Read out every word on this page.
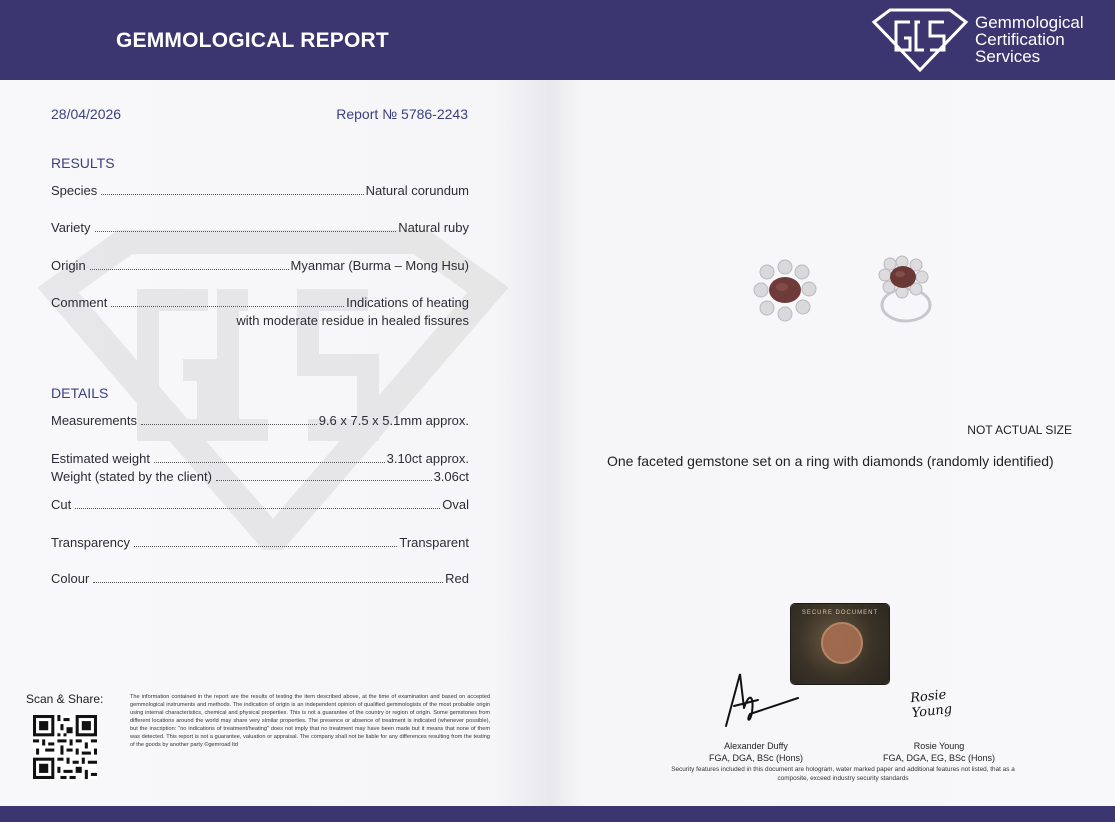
GEMMOLOGICAL REPORT
28/04/2026	Report № 5786-2243
RESULTS
Species	Natural corundum
Variety	Natural ruby
Origin	Myanmar (Burma – Mong Hsu)
Comment	Indications of heating
with moderate residue in healed fissures
DETAILS
Measurements	9.6 x 7.5 x 5.1mm approx.
Estimated weight	3.10ct approx.
Weight (stated by the client)	3.06ct
Cut	Oval
Transparency	Transparent
Colour	Red
Scan & Share:	The information contained in the report are the results of testing the item described above, at the time of examination and based on accepted gemmological instruments and methods. The indication of origin is an independent opinion of qualified gemmologists of the most probable origin using internal characteristics, chemical and physical properties. This is not a guarantee of the country or region of origin. Some gemstones from different locations around the world may share very similar properties. The presence or absence of treatment is indicated (whenever possible), but the inscription: "no indications of treatment/heating" does not imply that no treatment may have been made but it means that none of them was detected. This report is not a guarantee, valuation or appraisal. The company shall not be liable for any differences resulting from the testing of the goods by another party ©gemroad ltd
Gemmological
Certification
Services
NOT ACTUAL SIZE
One faceted gemstone set on a ring with diamonds (randomly identified)
SECURE DOCUMENT
Alexander Duffy
FGA, DGA, BSc (Hons)
Rosie Young
Rosie Young
FGA, DGA, EG, BSc (Hons)
Security features included in this document are hologram, water marked paper and additional features not listed, that as a composite, exceed industry security standards
